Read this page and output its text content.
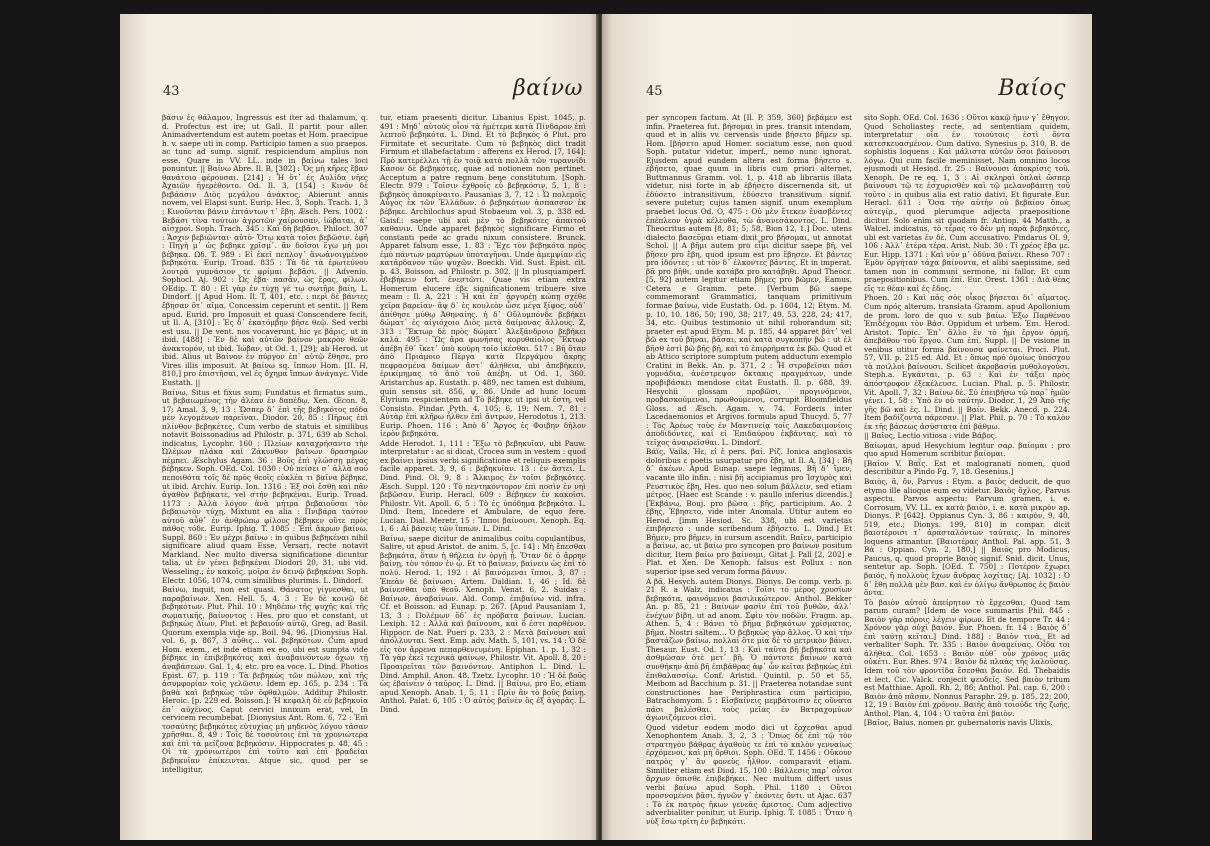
43	βαίνω

βάσιν ἐς θάλαμον, Ingressus est iter ad thalamum, q. d. Profectus est ire; ut Gall. Il partit pour aller. Animadvertendum est autem poetas et Hom. praecipue h. v. saepe uti in comp. Participio tamen a suo praepos. ac tunc ad sump. signif. respiciendum amplius non esse. Quare in VV. LL. inde in βαίνω tales loci ponuntur. || Βαίνω Abre. Il. B, [302] : Ὄς μὴ κῆρες ἔβαν θανάτοιο φέρουσαι. [214] : Ἦ ὅτ᾽ ἐς Αυλίδα νῆες Ἀχαιῶν ἠγερέθοντο. Od. Il. 3, [154] : Κινόν δὲ βεβάασιν Διὸς μεγάλου ἀνάκτος, Abierunt annis novem, vel Elapsi sunt. Eurip. Hec. 3, Soph. Trach. 1, 3 ; Κινοῦνται βάνιν ἐπτάντων τ᾽ ἔβη. Æsch. Pers. 1002 : Βεβάσι τίνα τούτων ἀγροτῶν χαίρουσαν, ἰώβαται, ἀ᾽ αἰσχροί. Soph. Trach. 345 : Καὶ δὴ βεβᾶσι. Philoct. 307 : Ἄσχιν βεβιῶνται· αὐτὸ· Ὄτῳ κατὰ τοῖσι βεβῶσιν. ἐφῆ : Πηγὴ μ᾽ ὡς βεβηκε χρῖσμ᾽. ἂν δοῖσοι ἔγω μὴ μοι βέβηκα. Ωδ. T. 989 : Εἰ ἐκεῖ πεπλογ᾽ ἂνωἀνοιγμένον βεβηκότα. Eurip. Troad. 835 : Τὰ δὲ τὰ ἐρωτεύνου λουτρὰ γυμνάσιον τε φρίμαι βεβᾶσι. || Advenio. Sophocl. Aj. 902 : Ὦς ἐβα· πασᾶν, ὡς ἔρας, φίλων. ΟΕdip. T. 80 : Εἰ γὰρ ἐν τύχῃ γέ τῳ σωτῆρι βαίη, L. Dindorf. || Apud Hom. Il. T, 401, etc. : περὶ δὲ βάντες ἔβησαν ὅτ᾽ αἴμα, Concessim ceperunt et sentit. || Rem apud. Eurid. pro Imposuit et quasi Conscendere fecit, ut Il. A, [310] : Ἐς δ᾽ ἑκατόμβην βῆσε θεῷ. Sed verbi est usu. || De vent. nos vocaverunt, hic γε βάρις, ut in ibid. [488] : Ἐν δὲ καὶ αὐτῶν βαίνον μακρὸν θεῶν ἀνακτορόν, ut ibid. Ἰώβαν, ut Od. 1, [29]; ab Herod. ut ibid. Alius ut Βαίνον ἐν πύργον ἐπ᾽ αὐτῷ ἔθησε, pro Vires illis imposuit. At βαίνω sq. ἵππων Hom. [II. H, 810,] pro ἐπιστῆσαι, vel ἐς ὄχημα ἵππων ἀνάγαγε. Vide Eustath. ||

Βαίνω, Situs et fixus sum; Fundatus et firmatus sum., ut βεβαιωμένος τὴν ἀλέαν ἐν δαπέδῳ, Xen. Œcon. 8, 17; Amal. 3, 9, 13 : Ὥσπερ δ᾽ ἐπὶ τῆς βεβηκότος πόδα μὲν λεγομένων παρεῖναι. Diodor. 20, 85 : Πῆρως ἐπὶ πλίνθον βεβηκέτες. Cum verbo de statuis et similibus notavit Boissonadius ad Philostr. p. 371, 639 ab Schol. indicatus, Lycophr. 160 : Πλείων καταχρήσαντο τὴν Ὠλέμων πλάκα καὶ Ζάκυνθον βαίνων δρασηρὼν πέμπει. Æschylus Agam. 36 : Βοῦς ἐπὶ γλώσσῃ μέγας βέβηκεν. Soph. ΟΕd. Col. 1030 : Οὐ πείσει σ᾽ ἀλλὰ σοῦ πεποιθότα τοῖς δέ πρὸς θεοῖς εὐκλέα τι βαῖνα βέβηκε, ut ibid. Archiv. Eurip. Ion. 1316 : Ἐξ σοὶ ἔσθη καὶ πᾶν ἀγαθὸν βεβήκατε, vel στήν βεβηκέναι. Eurip. Troad. 1173 : Ἀλλὰ λόγον ἀνὰ μήτρα βεβαιοῦσαι τὸν βεβαιωτὸν τύχῃ, Mixtunt ea alia : Πνιβάρα ταύτον αὐτοῦ αὖθ᾽ ἐν ἀνθρώπῳ φίλους βέβηκεν οὔτε πρὸς πάθος τόδε. Eurip. Iphig. T. 1085 : Ἐπὶ ἄκρων βαίνω. Suppl. 860 : Ἐν μέχρι βαίνω : in quibus βεβηκέναι nihil significare aliud quam Esse, Versari, recte notavit Markland. Nec multo diversa significatione dicuntur talia, ut ἐν γένει βεβηκέναι Diodori 20, 31, ubi vid. Wesseling.; ἐν κακοῖς, μοῖρα ἐν δεινῷ βεβηκέναι Soph. Electr. 1056, 1074, cum similibus plurimis. L. Dindorf.

Βαίνω, inquit, non est quasi. Θάνατος γίγνεσθαι, ut παραβαίνων. Xen. Hell. 5, 4, 3 : Ἐν δὲ κοινῷ δὲ βεβηκότων. Plut. Phil. 10 : Μηδέπω τῆς ψυχῆς καὶ τῆς σωματικῆς, βαίνοντος : Hes. pro quo et constant, ut βεβηκὼς Δίων, Plut. et βεβαιοῦν αὐτῷ, Greg. ad Basil. Quorum exempla vide sp. Boil. 94, 96. [Dionysius Hal. vol. 6, p. 867, 3 αὖθις... vol. βεβηκότων. Cum apud Hom. exem., et inde etiam ex eo, ubi est sumpta vide βέβηκε in ἐπιβεβηκότος καὶ ἀναβαινόντων ὄχων τῇ ἀναβάσεων. Gal. 1, 4; etc. pro ea voce. L. Dind. Photios Epist. 67, p. 119 : Τὰ βεβηκὼς τῶν πώλων, καὶ τῆς ἀσυμφορίαν τοῖς γελῶσιν. Idem ep. 165, p. 234 : Τὰ βαθὰ καὶ βεβηκὼς τῶν ὀφθαλμῶν. Additur Philostr. Heroic. [p. 229 ed. Boisson.]: Ἡ κεφαλὴ δὲ εὖ βεβηκυῖα ἐπ᾽ αὐχένος. Caput cervici innixum erat, vel, In cervicem recumbebat. [Dionysius Ant. Rom. 6, 72 : Ἐπὶ τοσαύτης βεβηκότες εὐτυχίας μὴ μηδενὸς λόγου τάσαν χρῆσθαι. 8, 49 : Τοῖς δὲ τοσούτοις ἐπὶ τὰ χρονιώτερα καὶ ἐπὶ τὰ μείζονα βεβηκόσιν. Hippocrates p. 48, 45 : Οἱ τὰ χρόνιωτέροι ἐπὶ τοῦτο καὶ ἐπὶ βραδείαι βεβηκυῖαν ἐπίκεινται. Atque sic, quod per se intelligitur,

tur, etiam praesenti dicitur. Libanius Epist. 1045, p. 491 : Μηδ᾽ αὐτοὺς οἷον τὰ ἡμέτερα κατὰ Πίνδαρον ἐπὶ λεπτοῦ βεβηκότα. L. Dind. Et τὸ βεβηκὸς ὁ Plut. pro Firmitate et securitate. Cum τὸ βεβηκὸς dict tradit Firmum et illabefactatum : afferens ex Herod. [7, 164]: Πρὸ κατερέλλει τῇ ἐν τοιᾷ κατὰ πολλὰ τῶν τυραννίδι Κάσον δὲ βεβηκότες, quae ad notionem non pertinet. Acceptum a patre regnum bene constitutum. [Soph. Electr. 979 : Τοῖσιν ἐχθροῖς εὖ βεβηκόσιν, 5. 1, 8 : βεβηκὸς ἀποκρίναιτο. Pausanias 3, 7, 12 : Ὦ πολεμοῖς Αὖγος ἐκ τῶν Ἐλλάδων. ὁ βεβηκότων ἀσπασσον ἐκ βέβηκε. Archilochus apud Stobaeum vol. 3, p. 338 ed. Gaisf.: saepe ubi καὶ μὲν τὸ βεβηκότες ἀπαιτοῦ καθανιν. Unde apparet βεβηκὸς significare Firmo et constanti pede ac gradu nixum consistere. Brunck. Apparet falsum esse, 1. 83 : Ἔχε τὸν βεβηκότα πρὸς ἐμὸ πάντων μαρτύρων ὑποταγῆναι. Unde ἀμεμψίαν εἰς κατάρδανον τῶν ψυχῶν. Boeckh. Vid. Sust. Epist. cit. p. 43. Boisson. ad Philostr. p. 302. || In plusquamperf. ἐβεβήκειν fort. ἐνεστῶτι. Quae vis etiam extra Homerum elucere ἐβε significationem tribuere sive meam : Il. A, 221 : Ἡ καὶ ἐπ᾽ ἀργυρέῃ κώπῃ σχέθε χεῖρα βαρεῖαν· ἂψ δ᾽ ἐς κουλεὸν ὦσε μέγα ξίφος, οὐδ᾽ ἀπίθησε μύθῳ Ἀθηναίης. ἡ δ᾽ Οὔλυμπόνδε βεβήκει δώματ᾽ ἐς αἰγιόχοιο Διὸς μετὰ δαίμονας ἄλλους. Z, 313 : Ἕκτωρ δὲ πρὸς δώματ᾽ Ἀλεξάνδροιο βεβήκει καλά. 495 : Ὣς ἄρα φωνήσας κορυθαίολος Ἕκτωρ ἀπέβη ἔθ᾽ ἵκετ᾽ ὑπὸ κούρη τοῖο ἱκέσθαι. 517 : Βῆ ὅταν ἀπὸ Πριάμοιο Πέργα κατὰ Περγάμου ἄκρης πεφρασμένα δαίμων ἄστ᾽ ἀλήθεια, ubi ἀπεβήκειν, ἐρικίμημας τὸ ἀπὸ τοῦ ἀπέβη. ut Od. 1, 360. Aristarchus ap. Eustath. p. 489, nec tamen est dubium, quin sensus sit. 856, ψ, 86. Unde ad hunc locum Elyrium respicientem ad Τὸ βέβηκε ut ipsi ut ἔστη, vel Consisto. Pindar. Pyth. 4, 105; 6, 19; Nem. 7, 81 : Αὐτὰρ ἐπὶ κλῆρω ἦλθεν ἐπὶ ἄντρων, Herodotus 1, 213. Eurip. Phoen. 116 : Ἀπὸ δ᾽ Ἄργος ἐς Φοιβην δῆλον ἱερὸν βεβηκότα.

Adde Herodot. 1, 111 : Ἔξω τὸ βεβηκυῖαν, ubi Pauw. interpretatur : ac si dicat, Crocea sum in vestem : quod ex βαίνει ipsius verbi significatione et reliquis exemplis facile apparet. 3, 9, 6 : βεβηκυῖαν. 13 : ἐν ἄστει. L. Dind. Pind. Ol. 9, 8 : Ἄλκιμος ἐν τοῖσι βεβηκότες. Æsch. Suppl. 120 : Τὸ πεντηκόντορον ἐπὶ ποσὶν ἐν νηὶ βεβῶσαν. Eurip. Heracl. 609 : Βέβηκεν ἐν κακοῖσι. Philostr. Vit. Apoll. 6, 5 : Τὸ ἐς ὑπόδημα βεβηκότα. L. Dind. Item, Incedere et Ambulare, de equo fere. Lucian. Dial. Meretr. 15 : Ἵπποι βαίνουσι. Xenoph. Eq. 1, 6 : Αἱ βάσεις τῶν ἵππων. L. Dind.

Βαίνω, saepe dicitur de animalibus coitu copulantibus, Salire, ut apud Aristot. de anim. 5, [c. 14] : Μὴ ἔπεσθαι βεβηκότα, ὅταν ἡ θήλεια ἐν ὀργῇ ᾖ. Ὅταν δὲ ὁ ἄρρην βαίνῃ, τὸν τόπον ἐν ᾧ. Et τὸ βαίνειν, βαίνειν ὡς ἐπὶ τὸ πολύ. Herod. 1, 192 : Αἱ βαινόμεναι ἵπποι, 3, 87 : Ἐπεὰν δὲ βαίνωσι. Artem. Daldian. 1, 46 ; Id. δὲ βαίνεσθαι ὑπὸ θεοῦ. Xenoph. Venat. 6, 2. Suidas : Βαίνων, ἀναβαίνων. Ald. Comp. ἐπιβαίνω vid. infra. Cf. et Boisson. ad Eunap. p. 267. [Apud Pausaniam 1, 13, 3 : Πολέμων ὅδ᾽ ἐς πρόβατα βαίνων. Lucian. Lexiph. 12 : Ἀλλὰ καὶ βαίνουσι, καὶ ὅ ἐστι παρθένον. Hippocr. de Nat. Pueri p. 233, 2 : Μετὰ βαίνουσι καὶ ἀπόλλυνται. Sext. Emp. adv. Math. 5, 101, vs. 14 : Ὁ δὲ εἰς τὸν ἄρρενα πεπαρθενευμένη. Epiphan. 1. p. 1, 32 : Τὰ γὰρ ἐκεῖ τεχνικὰ φαίνων, Philostr. Vit. Apoll. 8, 20 : Προαιρεῖται τῶν βαινόντων. Antiphon L. Dind. L. Dind. Amphil. Anon. 48. Tzetz. Lycophr. 10 : Ἡ δὲ βοῦς ὡς ἐβαίνειν ὁ ταῦρος. L. Dind. || Βαίνω, pro Eo, etiam apud Xenoph. Anab. 1, 5, 11 : Πρίν ἂν τὸ βοῦς βαίνῃ. Anthol. Palat. 6, 105 : Ὁ αὐτὸς βαῖνεν ὃς ἐξ ἀγορᾶς. L. Dind.

45	Βαίος

per syncopen factum. At [Il. P, 359, 360] βεβάμεν est infin. Praeterea fut. βήσομαι in pres. transit intendam, quod et in aliis vv. cervensis unde βήσετο βῆμεν sp. Hom. [βήσετο apud Homer. sociatum esse, non quod Soph. putatur videtur, imperf., nemo nunc ignorat. Ejusdem apud eundem altera est forma βήσετο s. ἐβήσετο, quae quum in libris cum priori alternet, Buttmannus Gramm. vol. 1, p. 418 ab librariis illata videtur, nisi forte in ab ἐβήσετο discernenda sit, ut ἐδύσετο intransitivum, ἐδύσετο transitivum signif. severe putetur; cujus tamen signif. unum exemplum praebet locus Od. O, 475 : Οὐ μὲν ἔτεκεν ἐνασβέντες ἐπέπλεον ὑγρὰ κέλευθα, τὼ ἀνανεσάκοντος. L. Dind. Theocritus autem [8, 81; 5, 58, Bion 12, 1.] Doc. utens dialecto βασεῦμαι etiam dixit pro βήσομαι, ut annotat Schol. || A βῆμι autem pro εἶμι dicitur saepe βῆ, vel βῆσεν pro ἔβη, quod ipsum est pro ἔβησεν. Et βάντες pro ἰδόντες : ut τὸν δ᾽ ἐλκοντες βάντες. Et in imperat. βᾶ pro βῆθι, unde κατάβα pro κατάβηθι. Apud Theocr. [5, 92] autem legitur etiam βῆμες pro βῶμεν, Eamus. Cetera e Gramm. pete. [Verbum βῶ saepe commemorant Grammatici, tanquam primitivum formae βαίνω, vide Eustath. Od. p. 1604, 12; Etym. M. p. 10, 10. 186, 50; 190, 38; 217, 49. 53. 228, 24; 417, 34, etc. Quibus testimonio ut nihil roborandum sit; praeter est apud Etym. M. p. 185, 44 apparet βᾶτ᾽ vel βῶ ex τοῦ βῆναι, βᾶσαι, καὶ κατὰ συγκοπὴν βῶ : ut ἐλ βῆσθ ἐστὶ βῶ βῆς βῇ, καὶ τὸ ἐπιρρήματα ἐκ βῶ. Quod et ab Attico scriptore sumptum putem adductum exemplo Cratini in Bekk. An. p. 371, 2 : Ἦ στροβεϊσαι πᾶσι γυμνάδια, ἀνέστρεψον ὄκτακις πραγμάτων, unde προβιβάσκει mendose citat Eustath. Il. p. 688, 39. Hesychii glossam προβῶσι, προγινόμενοι, προβασκούμεναι, πρωθούμενοι, corrupit Bloomfieldus Gloss. ad Æsch. Agam. v. 74. Forderis inter Lacedaemonios et Argivos formula apud Thucyd. 5, 77 : Τὸς Ἀρέως τοὺς ἐν Μαντινείᾳ τοῖς Λακεδαιμονίοις ἀποδιδόντες, καὶ εἰ Ἐπιδαύρου ἐκβάντας. καὶ τὸ τεῖχος ἀναιρεῖσθαι. L. Dindorf.

Βάϊς, Vaila, Ἡε, εἰ ἐ pers. βαί. Ρίζ. Ionica anglosaxis doloribus ε poetis usurpatur pro ἔβη, ut Il. A, [34] : Βῆ δ᾽ ἀκέων. Apud Eunap. saepe legimus, Βῆ δ᾽ ἴμεν, vacante illo infin. : nisi βῆ accipiamus pro Ἰσχυρὸς καὶ Ρευστικὸς ἔβη, Hes. quo neo solum βάλλειν, sed etiam μέτρος. [Haec est Scande : v. paullo inferius dicendis.] [Ἐκβάνω, Bouj. pro βῶσα : βῆς, participium. Αο. 2 ἐβης, Ἐβησετο, vide inter Anomala. Utitur autem eo Herod. [imm Hesiod. Sc. 338, ubi est varietas ἐπιβήσετο : unde scribendum ἐβήσετο. L. Dind.] Et Βῆμεν, pro βῆμεν, in cursum ascendit. Βαῖεν, participio a βαίνω, ac, ut βαίω pro syncopen pro βαίνων positum dicitur, Item βαίω pro βαίνοιμι, Gitat J. Pall [2, 202] e Plat. et Xen. De Xenoph. falsus est Pollux : non superior ipse sed verum forma βάνυν.

A βᾶ, Hesych. autem Dionys. Dionys. De comp. verb. p. 21 R. a Walz. indicatus : Τοῖσι τό μέρος χρυσίων βεβηκότα, φαινόμενοι βασιλικώτερον. Anthol. Bekker An. p. 85, 21 : Βαίνων φασὶν ἐπὶ τοῦ βυθῶν, ἀλλ᾽ ἐνέχων βίβη. ut ad anom. Σφὶν τὸν ποδῶν. Fragm. ap. Athen. 5, 4 : Βάνει τὸ βῆμα βεβηκότων χρίσματος, βῆμα. Nostri saltem... Ὁ βεβηκὼς γὰρ ἄλλος. Ὁ καὶ τὴν βαστάζων βαίνω. πολλαὶ ὅτε μία δὲ τὸ μετρικὸν βάνει. Thesaur. Eust. Od. 1, 13 : Καὶ ταῦτα βῆ βεβηκότα καὶ ἀσθμῶσαν ὀτὲ μετ᾽ βῆ. Ὁ πάντοτε βαίνων κατὰ συνθήκην ἀπὸ βῆ ἐπιβάθρας ἀφ᾽ ὧν κεῖται βεβηκὼς ἐπὶ ἐπιθαλασσίῳ. Conf. Aristid. Quintil. p. 50 et 55, Meibom ad Bacchium p. 31. || Praeterea notandae sunt constructiones hae Periphrastica cum participio, Batrachomyom. 5 : Εἰσβαίνεις μεμβάτοισιν ἐς οὔνατα πάσι βαλέσθαι. τοὺς μεῖας ἐν Βατραχομύων ἀγωνιζόμενοι εἰσὶ.

Quod videtur eodem modo dici ut ἔρχεσθαι apud Xenophontem Anab. 3, 2, 3 : Ὅπως δὲ ἐπὶ τῷ τὸν στρατηγὸν βάθρας ἀγαθοὺς τε ἐπὶ τὸ καλὸν γενναίως ἐρχόμενοι, καὶ μὴ ὄρθιοι. Soph. ΟΕd. T. 1456 : Οὔκουν πατρὸς γ᾽ ἂν φονεὺς ἦλθον. comparavit etiam. Similiter etiam est Diod. 15, 100 : Βάλλεσις παρ᾽ οὖτοι ἄρχων ὄπισθε ἐπιβεβήκει. Nec multum differt usus verbi βαίνω apud Soph. Phil. 1180 : Οὔτοι προσνομένοι βᾶσι, ἠγνῶν γ᾽ ἐκόντες ὄντι. ut Ajac. 637 : Τὸ ἐκ πατρὸς ἥκων γενεᾶς ἄριστος. Cum adjectivo adverbialiter ponitur, ut Eurip. Iphig. T. 1085 : Ὅταν ἡ νὺξ ἔσω τρίτη ἐν βεβηκότι.

sito Soph. ΟΕd. Col. 1636 : Οὔτοι κακῷ ἡμιν γ᾽ ἔθηγον. Quod Scholiastes recte, ad sententiam quidem, interpretatur οἷα ἐν τοιούτοις ἐστὶ ὄντα κατεσκευασμένον. Cum dativo. Synesius p. 310, B. de sophistis loquens : Καὶ μάλιστα αὐτῶν ὅσοι βαίνουσι λόγῳ. Qui cum facile meminisset, Nam omnino locos ejusmodi ut Hesiod. fr. 25 : Βαίνουσι ἀποκρίσις τοῦ. Xenoph. De re eq. 1, 3 : Αἱ σκληραὶ ὁπλαὶ ὥσπερ βαίνουσι τῷ τε ἐσχυρισθέν καὶ τῷ μελανοβάπτῃ τοῦ τοῦτο : in quibus alia est ratio dativi. Et figurate Eur. Heracl. 611 : Ὅσα τὴν αὐτὴν οὐ βεβαίου ὅπως αὐτεγίρ., quod plerumque adjecta praepositione dicitur. Solo enim sit quodam fr. Antiop. 44 Matth., a Walcel. indicatus, τὸ τέρας τὸ δἐν μὴ παρὰ βεβηκότες, ubi est varietas ἐν δὲ. Cum accusativo. Pindarus Ol. 9, 106 : Ἀλλ᾽ ἐτέρα τέρα. Arist. Nub. 30 : Τί χρέος ἔβα με. Eur. Hipp. 1371 : Καὶ νῦν μ᾽ ὀδύνα βαίνει. Rheso 707 : Ἐμὸν ὀργήταν τάχα βαίνοντα, et alibi saepissime, sed tamen non in communi sermone, ni fallor. Et cum praepositionibus. Cum ἐπί. Eur. Orest. 1361 : Διὰ θέας εἴς τε θέαν καὶ ἐς ἔδος.

Phoen. 20 : Καὶ πᾶς σὸς οἶκος βήσεται δι᾽ αἵματος. Cum πρός alterum. translata Gramm. apud Apollonium de prom. loro de quo v. sub βαίω. Ἐξω Παρθένου Ἐπιδέχομαι τὸν Βάσ. Oppidum et urbem. Ἐπι. Herod. Aristot. Topic. Ἐπ᾽ ἄλλο ἕν τὸ ἡμι ἔργον ὁρμῆ, ἀπεβάθου τοῦ ἔργου. Cum ἐπί. Suppl. || De visione in venibus utitur forma βαίνουσα φαίνεται. Proci. Plut. 57, VII. p. 215 ed. Ald. Et : ὅπως πρὸ ὁμοίως ὑπόσχου τὰ ποιλλοὶ βαίνουσι. Scilicet ἀκροβασία μυθολογούσι. Steph.a. Εγκάνται, p. 63 : Καὶ ἐν τάξει πρὸς ἀπόστροφον ἐξεκέλευσε. Lucian. Phal. p. 5. Philostr. Vit. Apoll. 7, 32 : Βαίνω δὲ. Σύ ἐπειβήσω τῷ παρ᾽ ἡμῶν γένει. 1, 58 : Ὑπὸ ἐν οὐ ταύτην. Diodor. 1, 29 Ἀπὸ τῆς γῆς βῶ καὶ ἐς. L. Dind. || Βαίν. Bekk. Anecd. p. 224. Item βαδίζοντα πάρεσαν. || Plat. Phil. p. 70 : Τὸ καλὸν ἐκ τῆς βάσεως ἀσύστατα ἐπὶ βάθμω.

|| Βαῖος, Lectio vitiosa : vide Βάβος.

Βαίωμαι, apud Hesychium legitur σαρ. βαίομαι : pro quo apud Homerum scribitur βαίομαι.

[Βαίον V. Βαΐς. Est et malogranati nomen, quod describitur a Pindo Fg. 7, 18. Gesenius.]

Βαιὸς, ἃ, ὄν, Parvus : Etym. a βαιὸς deducit, de quo etymo ille alioque eum eo videtur. Βαιὸς ὄχλος, Parvus aspectu. Parvos aspectu: Parvum gramen, i. e. Corrosum, VV. LL. ex κατὰ βαιὸν, i. e. κατὰ μικρὸν ap. Dionys. P. [642]. Oppianus Cyn. 3, 86 : καιρὸν, 9, 40, 519, etc.; Dionys. 199, 810] in compar. dicit βαιοτέροισι τ᾽ ἀρασταλόντων ταύταις. In minores loquens armantur. [Βαιοτέρας Anthol. Pal. app. 51, 3 Βὰ : Oppian. Cyn. 2, 180.] || Βαιὸς pro Modicus, Paucus, q. quod proprie Βαιὸς signif. Snid. dicit. Unus, sentetur ap. Soph. [ΟΕd. T. 750] : Ποτέρον ἔχωρει βαιός, ἢ πολλοὺς ἔχων ἄνδρας λοχίτας; [Aj. 1032] : Ὁ δ᾽ ἔθη πολλὰ μὲν βασ. καὶ ἐν ὀλίγῳ ἄνθρωπος ἐς βαιὸν ὄντα.

Τὸ βαιὸν αὐτοῦ ἀπείρητον τὸ ἔρχεσθαι, Quod tam parum curam? [Idem de voce summariis Phil. 845 : Βαιὸν γὰρ πόροις λέγειν φίρων. Et de tempore Tr. 44 : Χρόνον γὰρ οὐχὶ βαιόν. Eur. Phoen. fr. 14 : Βαιὸς δ᾽ ἐπὶ ταύτῃ κεῖται.] Dind. 188] : Βαιὸν τινὰ, Et ad verbaliter Soph. Tr. 335 : Βαιὸν ἀναμείνας. Οἶδα τοι ἀλήθεα. Col. 1653 : Βαιὸν αὐθ᾽ οὖν χρόνος μιᾶς οὐκέτι. Eur. Rhes. 974 : Βαιὸν δὲ πλαὰς τῆς λαλούσας. Idem τοῦ τὸν φροντίδα ἔσεσθαι βαιὸν. Ed. Thebaidis et lect. Cic. Valck. conjecit ψευδεῖς. Sed βαιὸν tritum est Matthiae. Apoll. Rh. 2, 86; Anthol. Pal. cap. 6, 200 : Βαιὸν ἀπὸ πᾶσαν. Nonnus Paraphr. 29, p. 185, 22; 200, 12, 19 : Βαιὸν ἐπὶ χρόνον. Βαιῆς ἀπὸ τοιοῦδε τῆς ζωῆς, Anthol. Plan. 4, 104 : Ὁ ταῦτα ἐπὶ βαιὸν.

[Βαῖος, Baius, nomen pr. gubernatoris navis Ulixis.
